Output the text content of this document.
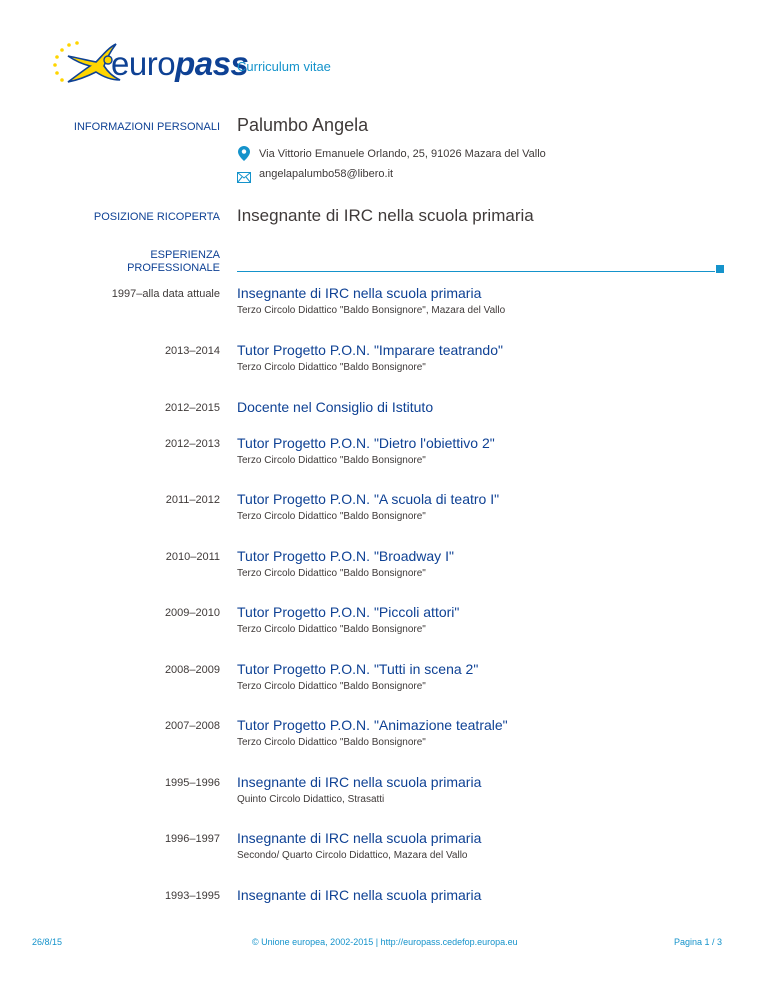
europass
Curriculum vitae
INFORMAZIONI PERSONALI Palumbo Angela
Via Vittorio Emanuele Orlando, 25, 91026 Mazara del Vallo
angelapalumbo58@libero.it
POSIZIONE RICOPERTA Insegnante di IRC nella scuola primaria
ESPERIENZA
PROFESSIONALE
1997–alla data attuale Insegnante di IRC nella scuola primaria
Terzo Circolo Didattico "Baldo Bonsignore", Mazara del Vallo
2013–2014 Tutor Progetto P.O.N. "Imparare teatrando"
Terzo Circolo Didattico "Baldo Bonsignore"
2012–2015 Docente nel Consiglio di Istituto
2012–2013 Tutor Progetto P.O.N. "Dietro l'obiettivo 2"
Terzo Circolo Didattico "Baldo Bonsignore"
2011–2012 Tutor Progetto P.O.N. "A scuola di teatro I"
Terzo Circolo Didattico "Baldo Bonsignore"
2010–2011 Tutor Progetto P.O.N. "Broadway I"
Terzo Circolo Didattico "Baldo Bonsignore"
2009–2010 Tutor Progetto P.O.N. "Piccoli attori"
Terzo Circolo Didattico "Baldo Bonsignore"
2008–2009 Tutor Progetto P.O.N. "Tutti in scena 2"
Terzo Circolo Didattico "Baldo Bonsignore"
2007–2008 Tutor Progetto P.O.N. "Animazione teatrale"
Terzo Circolo Didattico "Baldo Bonsignore"
1995–1996 Insegnante di IRC nella scuola primaria
Quinto Circolo Didattico, Strasatti
1996–1997 Insegnante di IRC nella scuola primaria
Secondo/ Quarto Circolo Didattico, Mazara del Vallo
1993–1995 Insegnante di IRC nella scuola primaria
26/8/15	© Unione europea, 2002-2015 | http://europass.cedefop.europa.eu	Pagina 1 / 3
